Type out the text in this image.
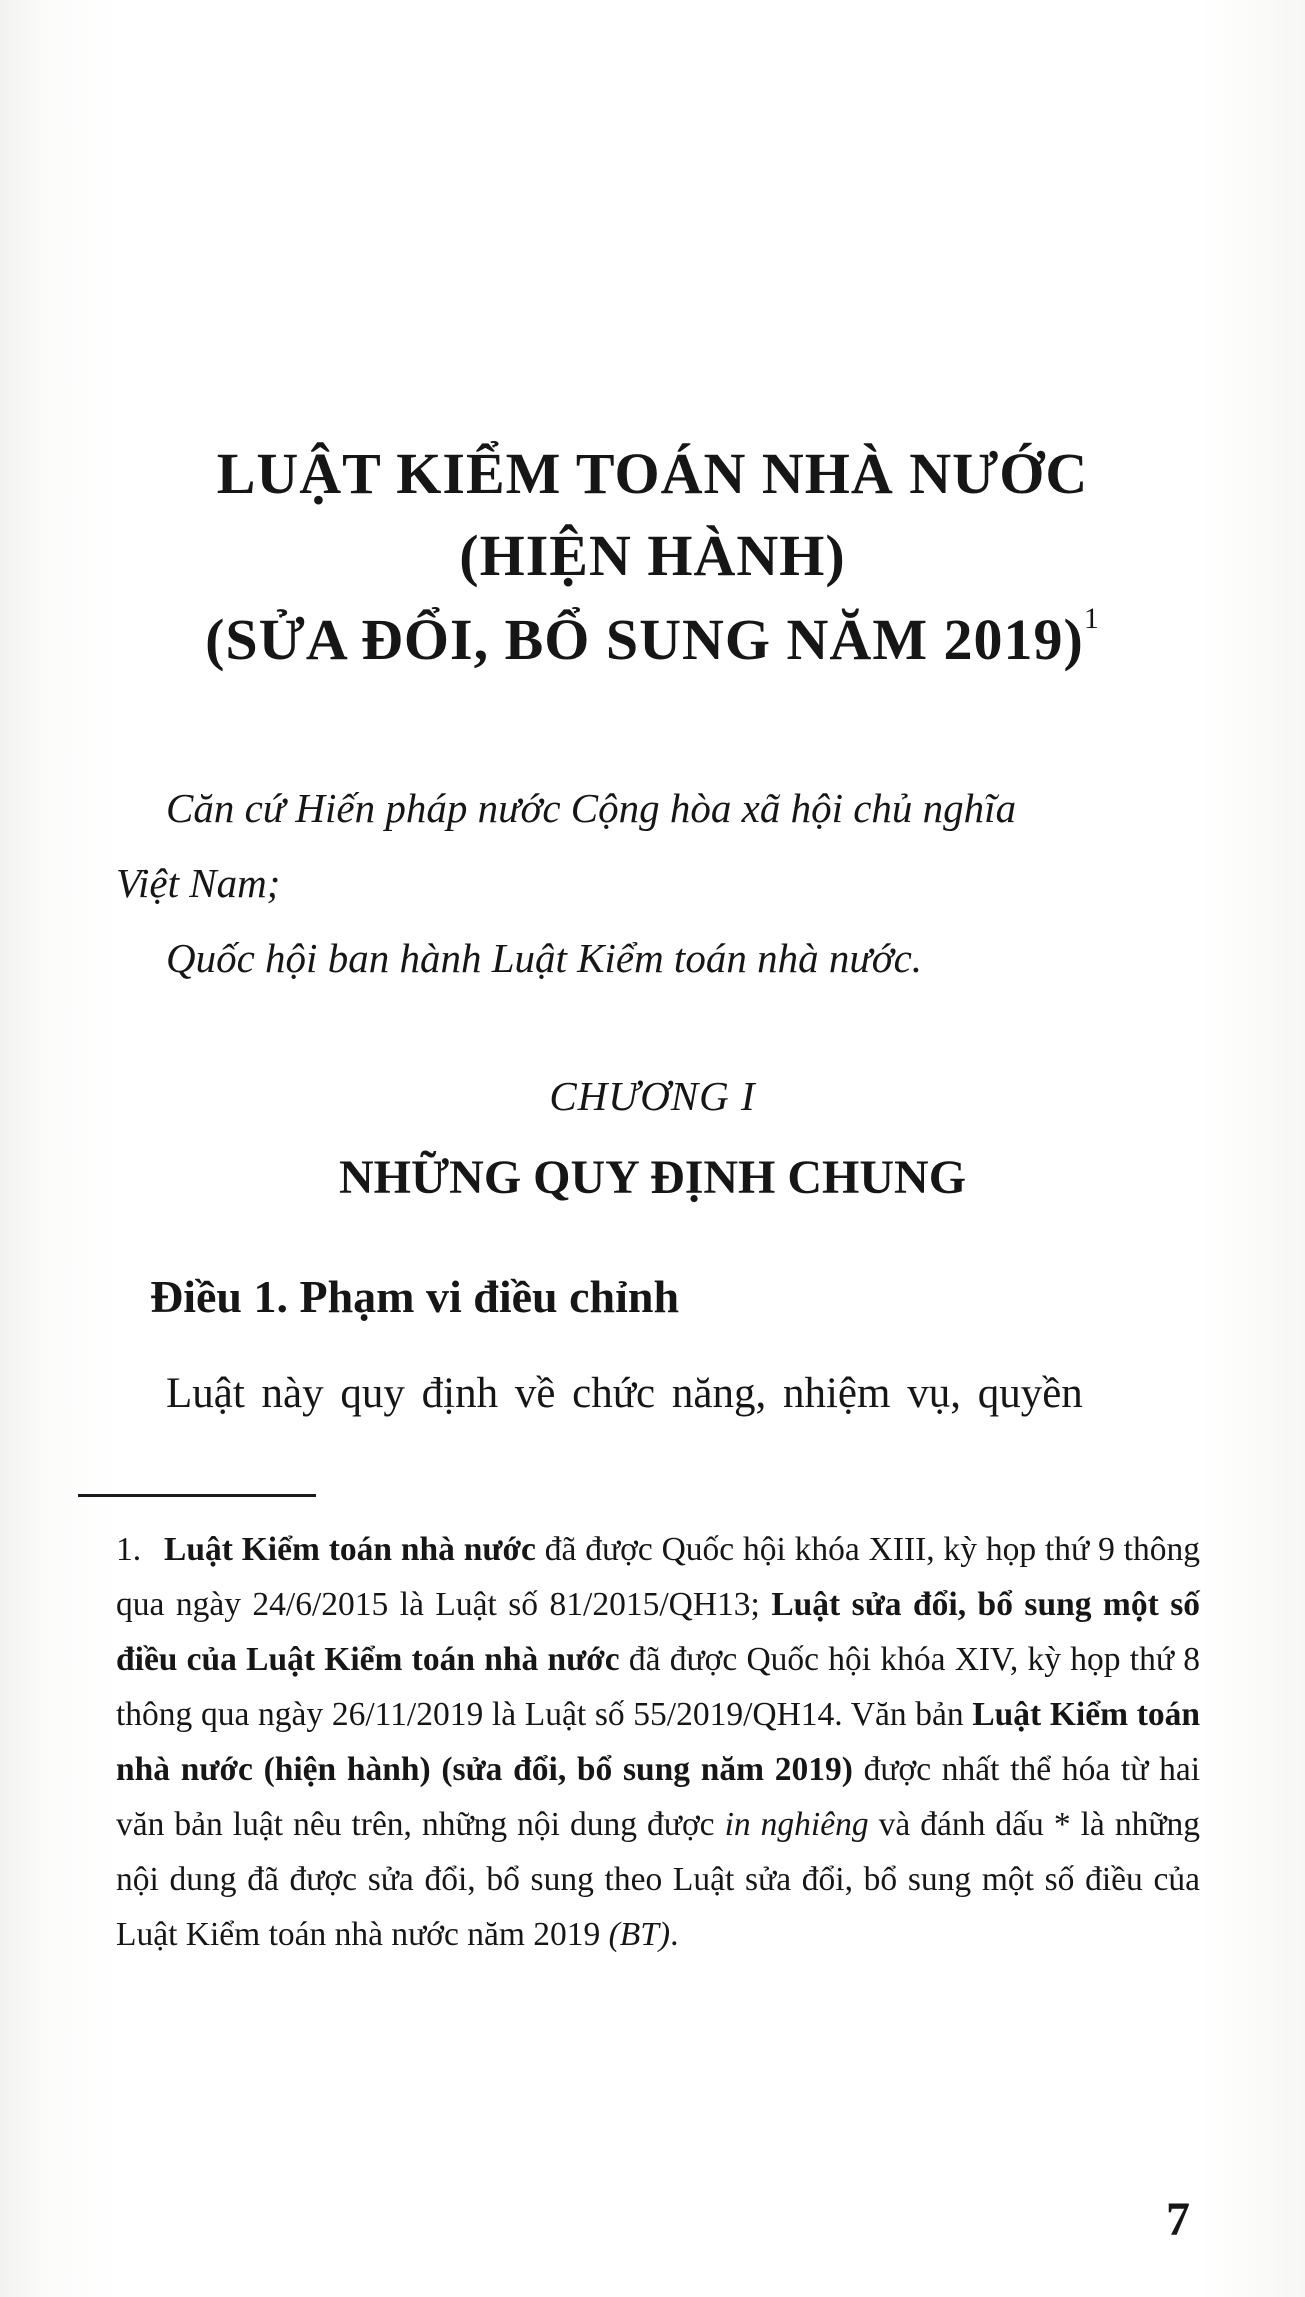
LUẬT KIỂM TOÁN NHÀ NƯỚC
(HIỆN HÀNH)
(SỬA ĐỔI, BỔ SUNG NĂM 2019)$^1$
Căn cứ Hiến pháp nước Cộng hòa xã hội chủ nghĩa
Việt Nam;
Quốc hội ban hành Luật Kiểm toán nhà nước.
CHƯƠNG I
NHỮNG QUY ĐỊNH CHUNG
Điều 1. Phạm vi điều chỉnh
Luật này quy định về chức năng, nhiệm vụ, quyền
1. Luật Kiểm toán nhà nước đã được Quốc hội khóa XIII, kỳ họp thứ 9 thông qua ngày 24/6/2015 là Luật số 81/2015/QH13; Luật sửa đổi, bổ sung một số điều của Luật Kiểm toán nhà nước đã được Quốc hội khóa XIV, kỳ họp thứ 8 thông qua ngày 26/11/2019 là Luật số 55/2019/QH14. Văn bản Luật Kiểm toán nhà nước (hiện hành) (sửa đổi, bổ sung năm 2019) được nhất thể hóa từ hai văn bản luật nêu trên, những nội dung được in nghiêng và đánh dấu * là những nội dung đã được sửa đổi, bổ sung theo Luật sửa đổi, bổ sung một số điều của Luật Kiểm toán nhà nước năm 2019 (BT).
7
